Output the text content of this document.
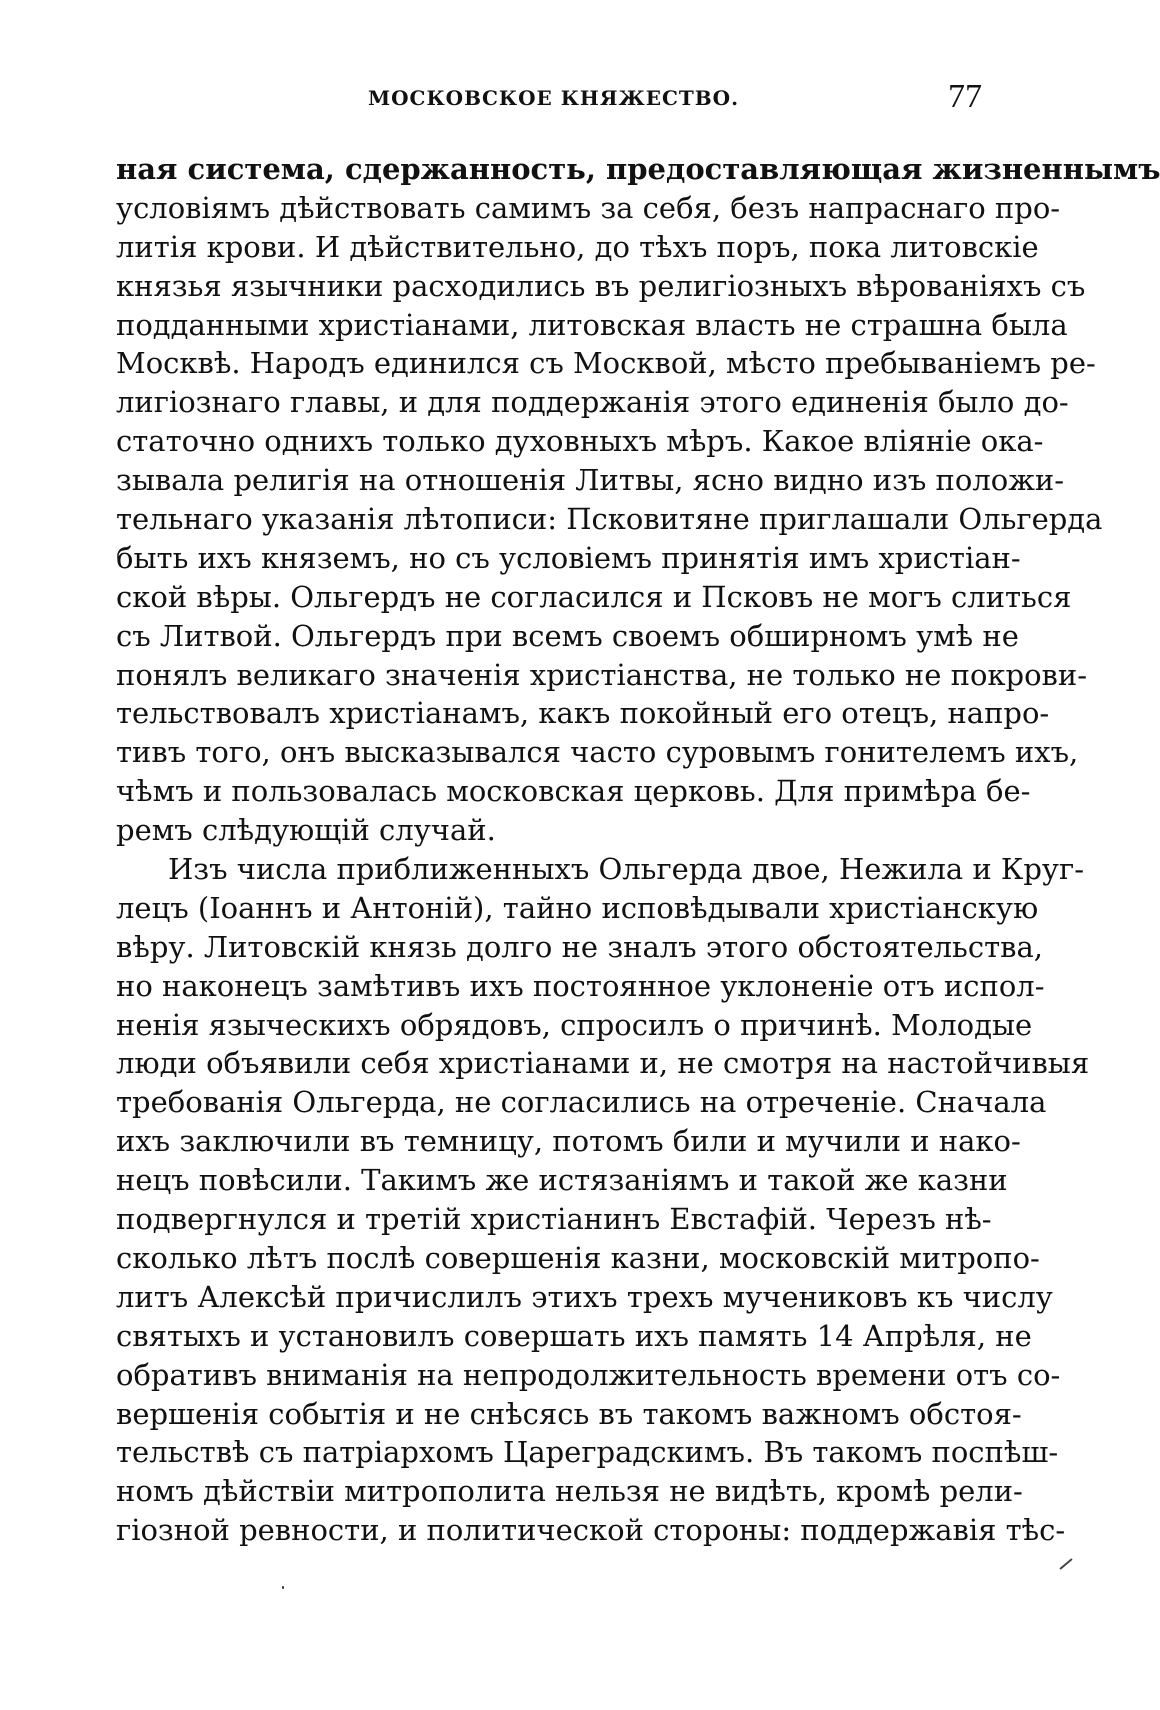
МОСКОВСКОЕ КНЯЖЕСТВО.	77
ная система, сдержанность, предоставляющая жизненнымъ
условіямъ дѣйствовать самимъ за себя, безъ напраснаго про-
литія крови. И дѣйствительно, до тѣхъ поръ, пока литовскіе
князья язычники расходились въ религіозныхъ вѣрованіяхъ съ
подданными христіанами, литовская власть не страшна была
Москвѣ. Народъ единился съ Москвой, мѣсто пребываніемъ ре-
лигіознаго главы, и для поддержанія этого единенія было до-
статочно однихъ только духовныхъ мѣръ. Какое вліяніе ока-
зывала религія на отношенія Литвы, ясно видно изъ положи-
тельнаго указанія лѣтописи: Псковитяне приглашали Ольгерда
быть ихъ княземъ, но съ условіемъ принятія имъ христіан-
ской вѣры. Ольгердъ не согласился и Псковъ не могъ слиться
съ Литвой. Ольгердъ при всемъ своемъ обширномъ умѣ не
понялъ великаго значенія христіанства, не только не покрови-
тельствовалъ христіанамъ, какъ покойный его отецъ, напро-
тивъ того, онъ высказывался часто суровымъ гонителемъ ихъ,
чѣмъ и пользовалась московская церковь. Для примѣра бе-
ремъ слѣдующій случай.
Изъ числа приближенныхъ Ольгерда двое, Нежила и Круг-
лецъ (Іоаннъ и Антоній), тайно исповѣдывали христіанскую
вѣру. Литовскій князь долго не зналъ этого обстоятельства,
но наконецъ замѣтивъ ихъ постоянное уклоненіе отъ испол-
ненія языческихъ обрядовъ, спросилъ о причинѣ. Молодые
люди объявили себя христіанами и, не смотря на настойчивыя
требованія Ольгерда, не согласились на отреченіе. Сначала
ихъ заключили въ темницу, потомъ били и мучили и нако-
нецъ повѣсили. Такимъ же истязаніямъ и такой же казни
подвергнулся и третій христіанинъ Евстафій. Черезъ нѣ-
сколько лѣтъ послѣ совершенія казни, московскій митропо-
литъ Алексѣй причислилъ этихъ трехъ мучениковъ къ числу
святыхъ и установилъ совершать ихъ память 14 Апрѣля, не
обративъ вниманія на непродолжительность времени отъ со-
вершенія событія и не снѣсясь въ такомъ важномъ обстоя-
тельствѣ съ патріархомъ Цареградскимъ. Въ такомъ поспѣш-
номъ дѣйствіи митрополита нельзя не видѣть, кромѣ рели-
гіозной ревности, и политической стороны: поддержавія тѣс-
